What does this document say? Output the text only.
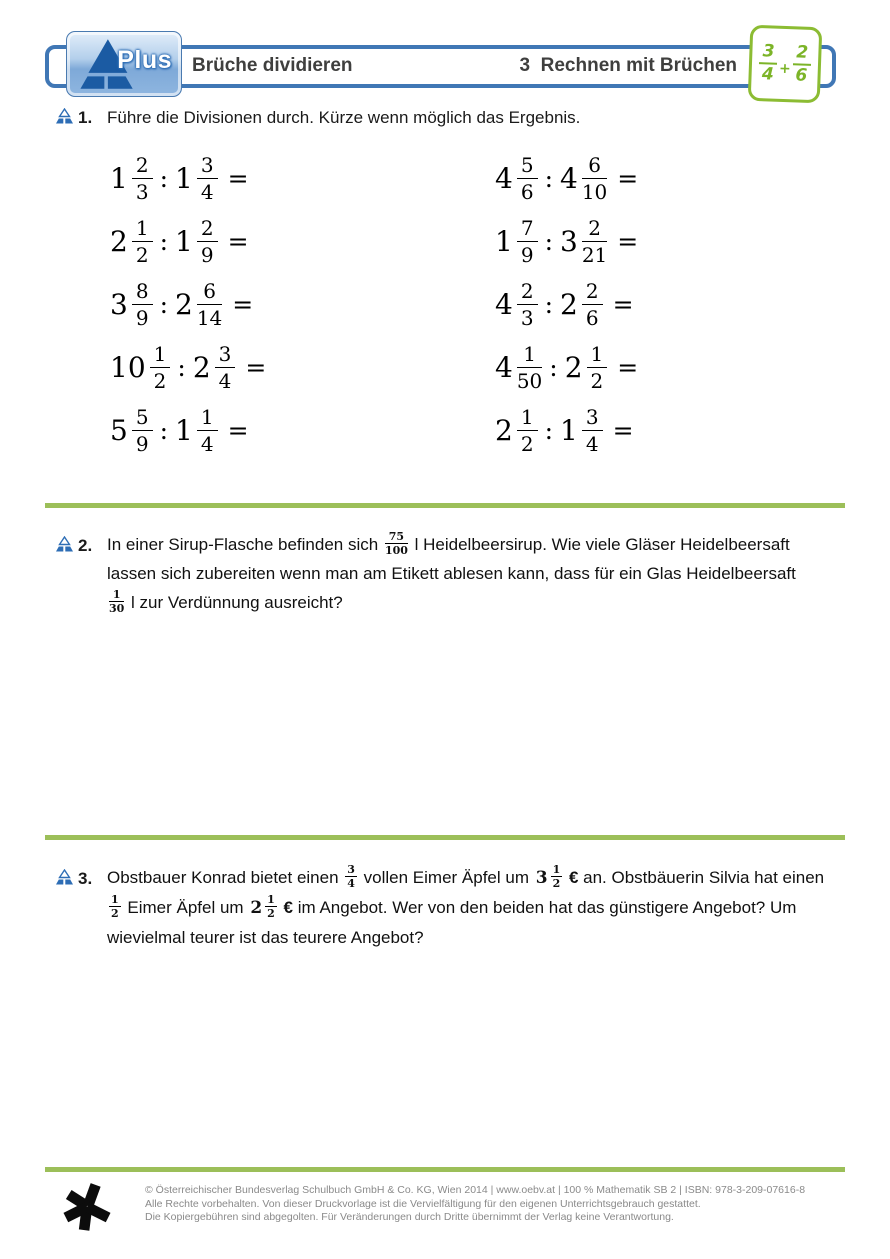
Plus Brüche dividieren	3  Rechnen mit Brüchen $\frac{3}{4} + \frac{2}{6}$
1. Führe die Divisionen durch. Kürze wenn möglich das Ergebnis.
$1 \frac{2}{3}$ : $1 \frac{3}{4}$ =
$2 \frac{1}{2}$ : $1 \frac{2}{9}$ =
$3 \frac{8}{9}$ : $2 \frac{6}{14}$ =
$10 \frac{1}{2}$ : $2 \frac{3}{4}$ =
$5 \frac{5}{9}$ : $1 \frac{1}{4}$ =
$4 \frac{5}{6}$ : $4 \frac{6}{10}$ =
$1 \frac{7}{9}$ : $3 \frac{2}{21}$ =
$4 \frac{2}{3}$ : $2 \frac{2}{6}$ =
$4 \frac{1}{50}$ : $2 \frac{1}{2}$ =
$2 \frac{1}{2}$ : $1 \frac{3}{4}$ =
2. In einer Sirup-Flasche befinden sich $\frac{75}{100}$ l Heidelbeersirup. Wie viele Gläser Heidelbeersaft
lassen sich zubereiten wenn man am Etikett ablesen kann, dass für ein Glas Heidelbeersaft
$\frac{1}{30}$ l zur Verdünnung ausreicht?
3. Obstbauer Konrad bietet einen $\frac{3}{4}$ vollen Eimer Äpfel um $3 \frac{1}{2}$ € an. Obstbäuerin Silvia hat einen
$\frac{1}{2}$ Eimer Äpfel um $2 \frac{1}{2}$ € im Angebot. Wer von den beiden hat das günstigere Angebot? Um
wievielmal teurer ist das teurere Angebot?
© Österreichischer Bundesverlag Schulbuch GmbH & Co. KG, Wien 2014 | www.oebv.at | 100 % Mathematik SB 2 | ISBN: 978-3-209-07616-8
Alle Rechte vorbehalten. Von dieser Druckvorlage ist die Vervielfältigung für den eigenen Unterrichtsgebrauch gestattet.
Die Kopiergebühren sind abgegolten. Für Veränderungen durch Dritte übernimmt der Verlag keine Verantwortung.
